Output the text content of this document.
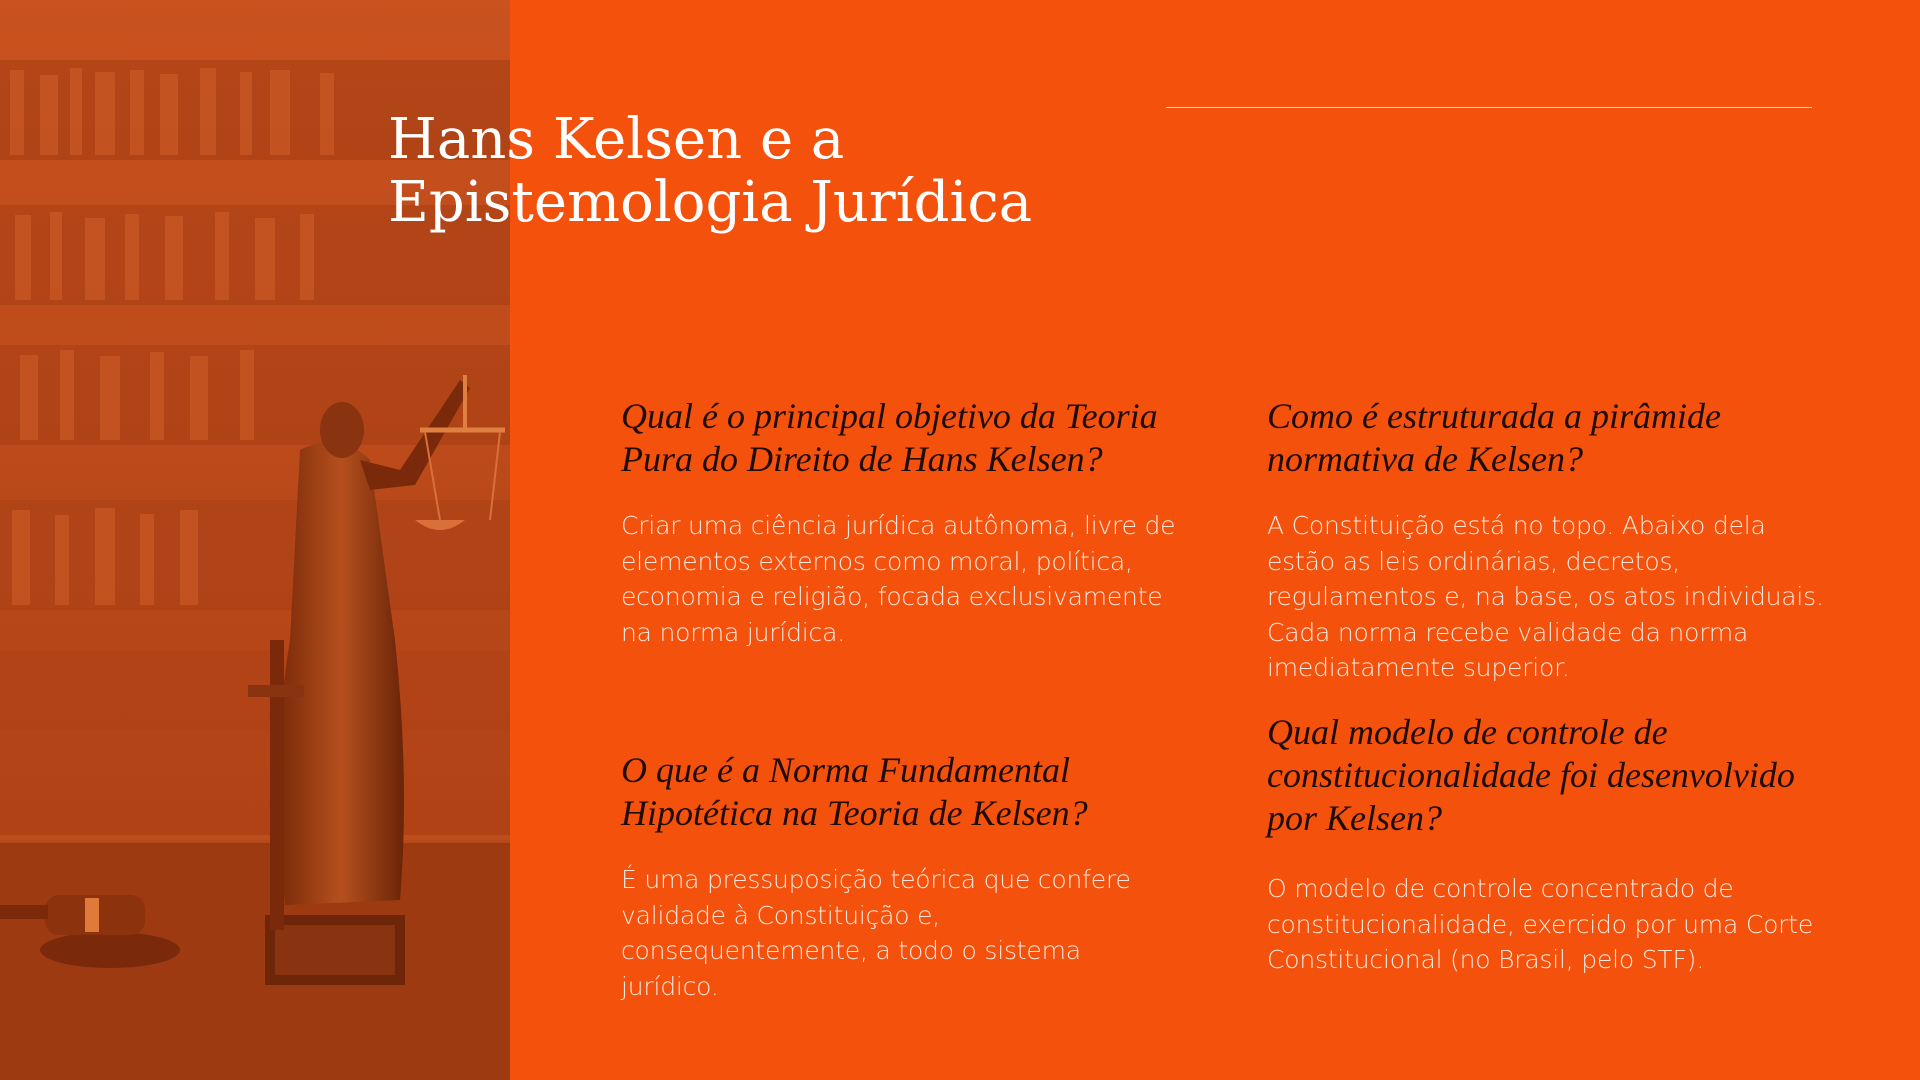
Hans Kelsen e a
Epistemologia Jurídica
Qual é o principal objetivo da Teoria Pura do Direito de Hans Kelsen?

Criar uma ciência jurídica autônoma, livre de elementos externos como moral, política, economia e religião, focada exclusivamente na norma jurídica.

O que é a Norma Fundamental Hipotética na Teoria de Kelsen?

É uma pressuposição teórica que confere validade à Constituição e, consequentemente, a todo o sistema jurídico.

Como é estruturada a pirâmide normativa de Kelsen?

A Constituição está no topo. Abaixo dela estão as leis ordinárias, decretos, regulamentos e, na base, os atos individuais. Cada norma recebe validade da norma imediatamente superior.

Qual modelo de controle de constitucionalidade foi desenvolvido por Kelsen?

O modelo de controle concentrado de constitucionalidade, exercido por uma Corte Constitucional (no Brasil, pelo STF).
